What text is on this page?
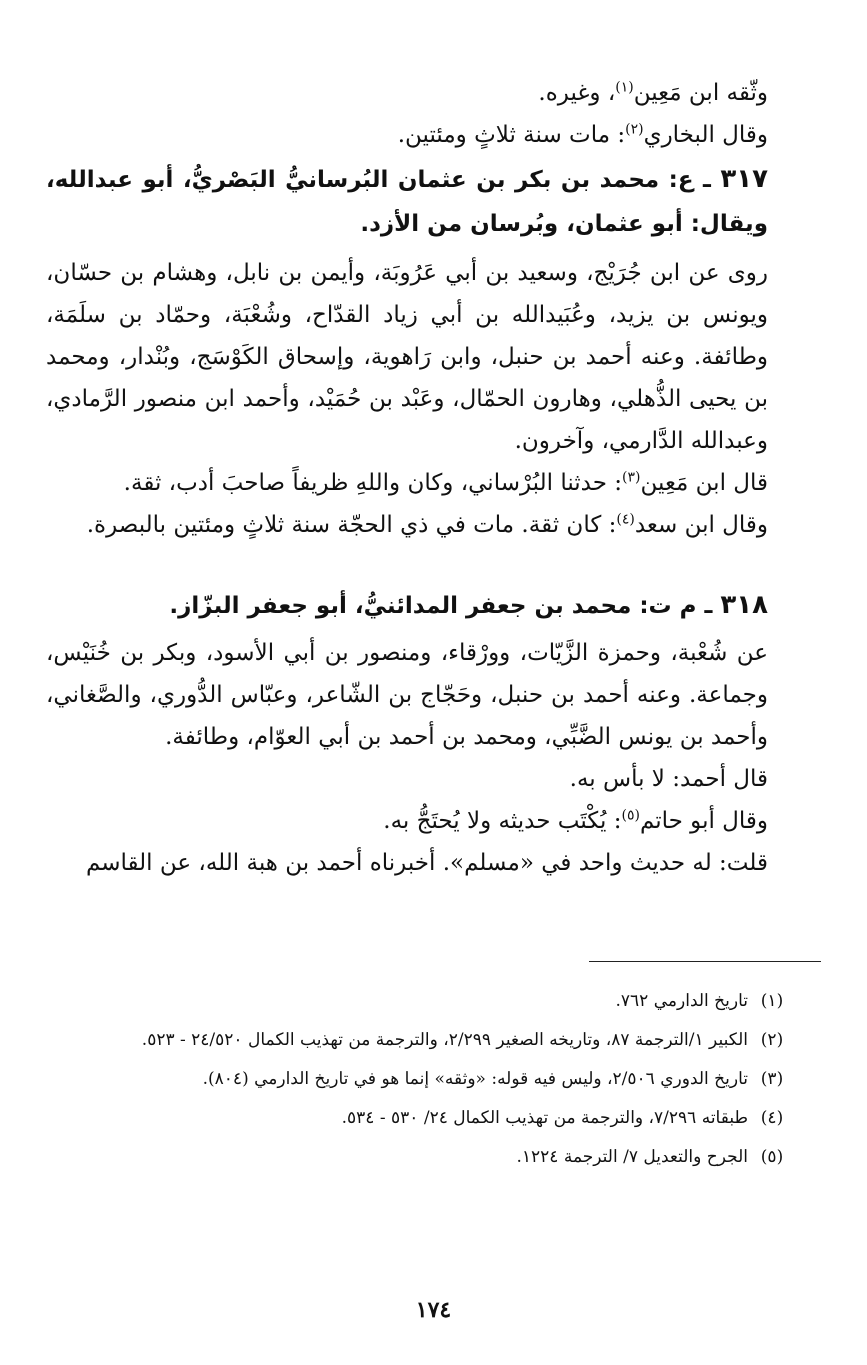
وثّقه ابن مَعِين$^{(١)}$، وغيره.

وقال البخاري$^{(٢)}$: مات سنة ثلاثٍ ومئتين.

٣١٧ ـ ع: محمد بن بكر بن عثمان البُرسانيُّ البَصْريُّ، أبو عبدالله، ويقال: أبو عثمان، وبُرسان من الأزد.

روى عن ابن جُرَيْج، وسعيد بن أبي عَرُوبَة، وأيمن بن نابل، وهشام بن حسّان، ويونس بن يزيد، وعُبَيدالله بن أبي زياد القدّاح، وشُعْبَة، وحمّاد بن سلَمَة، وطائفة. وعنه أحمد بن حنبل، وابن رَاهوية، وإسحاق الكَوْسَج، وبُنْدار، ومحمد بن يحيى الذُّهلي، وهارون الحمّال، وعَبْد بن حُمَيْد، وأحمد ابن منصور الرَّمادي، وعبدالله الدَّارمي، وآخرون.

قال ابن مَعِين$^{(٣)}$: حدثنا البُرْساني، وكان واللهِ ظريفاً صاحبَ أدب، ثقة.

وقال ابن سعد$^{(٤)}$: كان ثقة. مات في ذي الحجّة سنة ثلاثٍ ومئتين بالبصرة.

٣١٨ ـ م ت: محمد بن جعفر المدائنيُّ، أبو جعفر البزّاز.

عن شُعْبة، وحمزة الزَّيّات، وورْقاء، ومنصور بن أبي الأسود، وبكر بن خُنَيْس، وجماعة. وعنه أحمد بن حنبل، وحَجّاج بن الشّاعر، وعبّاس الدُّوري، والصَّغاني، وأحمد بن يونس الضَّبِّي، ومحمد بن أحمد بن أبي العوّام، وطائفة.

قال أحمد: لا بأس به.

وقال أبو حاتم$^{(٥)}$: يُكْتَب حديثه ولا يُحتَجُّ به.

قلت: له حديث واحد في «مسلم». أخبرناه أحمد بن هبة الله، عن القاسم

(١)
تاريخ الدارمي ٧٦٢.
(٢)
الكبير ١/الترجمة ٨٧، وتاريخه الصغير ٢/٢٩٩، والترجمة من تهذيب الكمال ٢٤/٥٢٠ - ٥٢٣.
(٣)
تاريخ الدوري ٢/٥٠٦، وليس فيه قوله: «وثقه» إنما هو في تاريخ الدارمي (٨٠٤).
(٤)
طبقاته ٧/٢٩٦، والترجمة من تهذيب الكمال ٢٤/ ٥٣٠ - ٥٣٤.
(٥)
الجرح والتعديل ٧/ الترجمة ١٢٢٤.
١٧٤
